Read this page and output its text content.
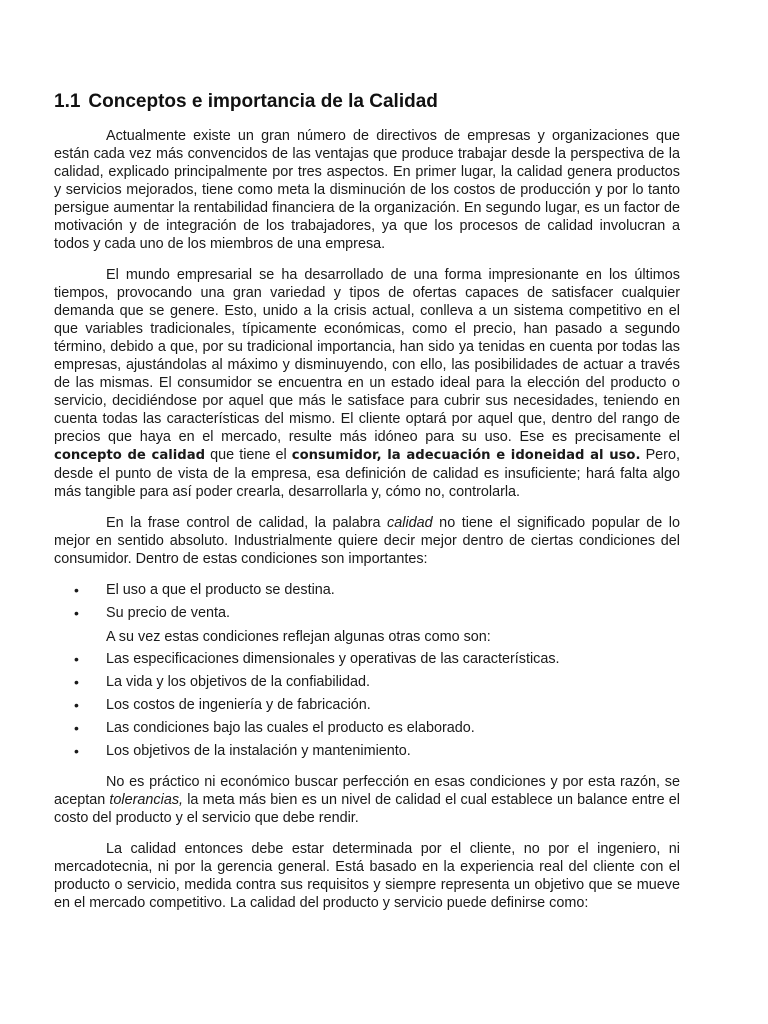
1.1 Conceptos e importancia de la Calidad

Actualmente existe un gran número de directivos de empresas y organizaciones que están cada vez más convencidos de las ventajas que produce trabajar desde la perspectiva de la calidad, explicado principalmente por tres aspectos. En primer lugar, la calidad genera productos y servicios mejorados, tiene como meta la disminución de los costos de producción y por lo tanto persigue aumentar la rentabilidad financiera de la organización. En segundo lugar, es un factor de motivación y de integración de los trabajadores, ya que los procesos de calidad involucran a todos y cada uno de los miembros de una empresa.

El mundo empresarial se ha desarrollado de una forma impresionante en los últimos tiempos, provocando una gran variedad y tipos de ofertas capaces de satisfacer cualquier demanda que se genere. Esto, unido a la crisis actual, conlleva a un sistema competitivo en el que variables tradicionales, típicamente económicas, como el precio, han pasado a segundo término, debido a que, por su tradicional importancia, han sido ya tenidas en cuenta por todas las empresas, ajustándolas al máximo y disminuyendo, con ello, las posibilidades de actuar a través de las mismas. El consumidor se encuentra en un estado ideal para la elección del producto o servicio, decidiéndose por aquel que más le satisface para cubrir sus necesidades, teniendo en cuenta todas las características del mismo. El cliente optará por aquel que, dentro del rango de precios que haya en el mercado, resulte más idóneo para su uso. Ese es precisamente el concepto de calidad que tiene el consumidor, la adecuación e idoneidad al uso. Pero, desde el punto de vista de la empresa, esa definición de calidad es insuficiente; hará falta algo más tangible para así poder crearla, desarrollarla y, cómo no, controlarla.

En la frase control de calidad, la palabra calidad no tiene el significado popular de lo mejor en sentido absoluto. Industrialmente quiere decir mejor dentro de ciertas condiciones del consumidor. Dentro de estas condiciones son importantes:

• El uso a que el producto se destina.
• Su precio de venta.

A su vez estas condiciones reflejan algunas otras como son:

• Las especificaciones dimensionales y operativas de las características.
• La vida y los objetivos de la confiabilidad.
• Los costos de ingeniería y de fabricación.
• Las condiciones bajo las cuales el producto es elaborado.
• Los objetivos de la instalación y mantenimiento.

No es práctico ni económico buscar perfección en esas condiciones y por esta razón, se aceptan tolerancias, la meta más bien es un nivel de calidad el cual establece un balance entre el costo del producto y el servicio que debe rendir.

La calidad entonces debe estar determinada por el cliente, no por el ingeniero, ni mercadotecnia, ni por la gerencia general. Está basado en la experiencia real del cliente con el producto o servicio, medida contra sus requisitos y siempre representa un objetivo que se mueve en el mercado competitivo. La calidad del producto y servicio puede definirse como:
